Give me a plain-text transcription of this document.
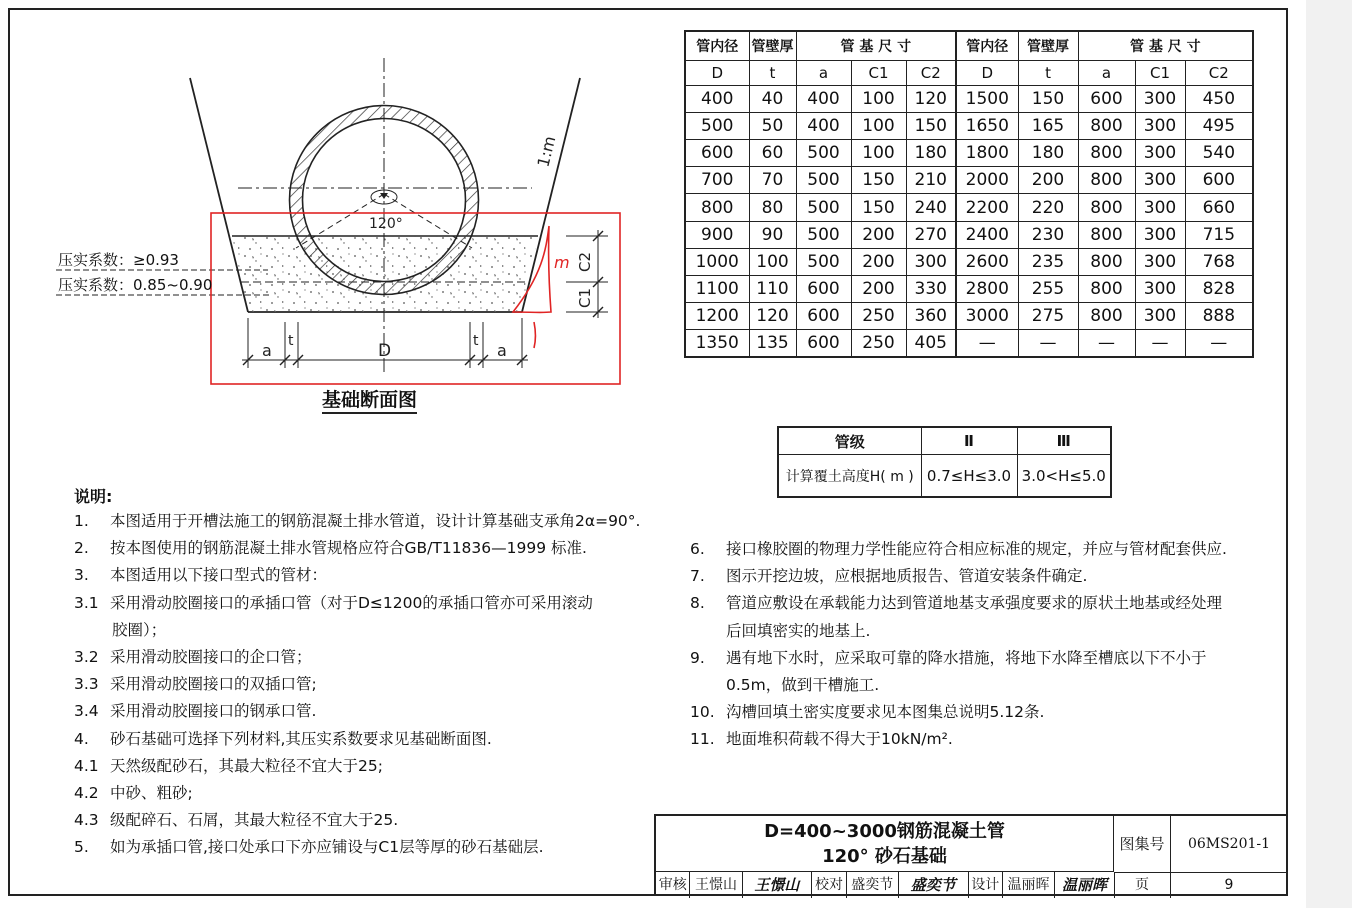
120°
1:m
C2
C1
a t	D	t a
m
压实系数：≥0.93
压实系数：0.85~0.90
基础断面图
管内径	管壁厚	管 基 尺 寸			管内径	管壁厚	管 基 尺 寸		
D	t	a	C1	C2	D	t	a	C1	C2
400	40	400	100	120	1500	150	600	300	450
500	50	400	100	150	1650	165	800	300	495
600	60	500	100	180	1800	180	800	300	540
700	70	500	150	210	2000	200	800	300	600
800	80	500	150	240	2200	220	800	300	660
900	90	500	200	270	2400	230	800	300	715
1000	100	500	200	300	2600	235	800	300	768
1100	110	600	200	330	2800	255	800	300	828
1200	120	600	250	360	3000	275	800	300	888
1350	135	600	250	405	—	—	—	—	—
管级	Ⅱ	Ⅲ
计算覆土高度H( m )	0.7≤H≤3.0	3.0<H≤5.0
说明:
1. 本图适用于开槽法施工的钢筋混凝土排水管道，设计计算基础支承角2α=90°.
2. 按本图使用的钢筋混凝土排水管规格应符合GB/T11836—1999 标准.
3. 本图适用以下接口型式的管材：
3.1 采用滑动胶圈接口的承插口管（对于D≤1200的承插口管亦可采用滚动
胶圈）；
3.2 采用滑动胶圈接口的企口管；
3.3 采用滑动胶圈接口的双插口管;
3.4 采用滑动胶圈接口的钢承口管.
4. 砂石基础可选择下列材料,其压实系数要求见基础断面图.
4.1 天然级配砂石，其最大粒径不宜大于25;
4.2 中砂、粗砂;
4.3 级配碎石、石屑，其最大粒径不宜大于25.
5. 如为承插口管,接口处承口下亦应铺设与C1层等厚的砂石基础层.
6. 接口橡胶圈的物理力学性能应符合相应标准的规定，并应与管材配套供应.
7. 图示开挖边坡，应根据地质报告、管道安装条件确定.
8. 管道应敷设在承载能力达到管道地基支承强度要求的原状土地基或经处理
后回填密实的地基上.
9. 遇有地下水时，应采取可靠的降水措施，将地下水降至槽底以下不小于
0.5m，做到干槽施工.
10. 沟槽回填土密实度要求见本图集总说明5.12条.
11. 地面堆积荷载不得大于10kN/m².
D=400~3000钢筋混凝土管
120° 砂石基础
图集号	06MS201-1
审核 王憬山	王憬山	校对 盛奕节	盛奕节	设计 温丽晖 温丽晖	页	9
